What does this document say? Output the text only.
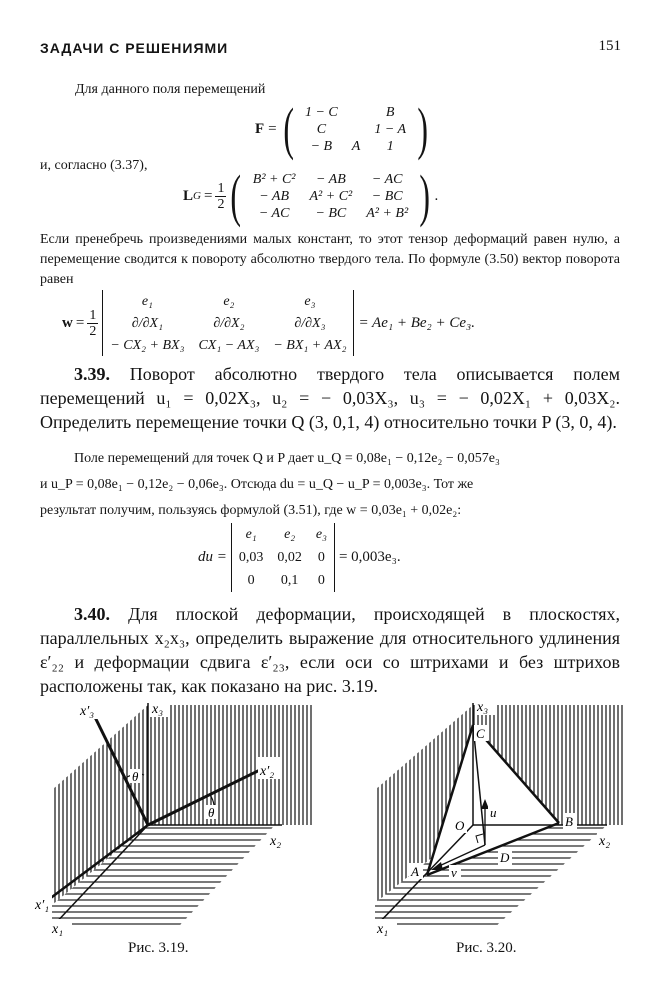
ЗАДАЧИ С РЕШЕНИЯМИ	151
Для данного поля перемещений
F = ( 1 − C		B
C		1 − A
− B	A	1 )
и, согласно (3.37),
L $G = \frac{1}{2}$ ( B² + C²	− AB	− AC
− AB	A² + C²	− BC
− AC	− BC	A² + B² ) .
Если пренебречь произведениями малых констант, то этот тензор деформаций равен нулю, а перемещение сводится к повороту абсолютно твердого тела. По формуле (3.50) вектор поворота равен
$w = \frac{1}{2}$
e₁	e₂	e₃
∂/∂X₁	∂/∂X₂	∂/∂X₃
− CX₂ + BX₃	CX₁ − AX₃	− BX₁ + AX₂
= Ae₁ + Be₂ + Ce₃.
3.39. Поворот абсолютно твердого тела описывается полем перемещений u₁ = 0,02X₃, u₂ = − 0,03X₃, u₃ = − 0,02X₁ + 0,03X₂. Определить перемещение точки Q (3, 0,1, 4) относительно точки P (3, 0, 4).
Поле перемещений для точек Q и P дает u_Q = 0,08e₁ − 0,12e₂ − 0,057e₃
и u_P = 0,08e₁ − 0,12e₂ − 0,06e₃. Отсюда du = u_Q − u_P = 0,003e₃. Тот же
результат получим, пользуясь формулой (3.51), где w = 0,03e₁ + 0,02e₂:
du =
e₁	e₂	e₃
0,03	0,02	0
0	0,1	0
= 0,003e₃.
3.40. Для плоской деформации, происходящей в плоскостях, параллельных x₂x₃, определить выражение для относительного удлинения ε′₂₂ и деформации сдвига ε′₂₃, если оси со штрихами и без штрихов расположены так, как показано на рис. 3.19.
x′₃	x₃
x′₂
x₂
θ
θ
x′₁
x₁
Рис. 3.19.
x₃
C
B
A
O
D
u
v
x₂
x₁
Рис. 3.20.
